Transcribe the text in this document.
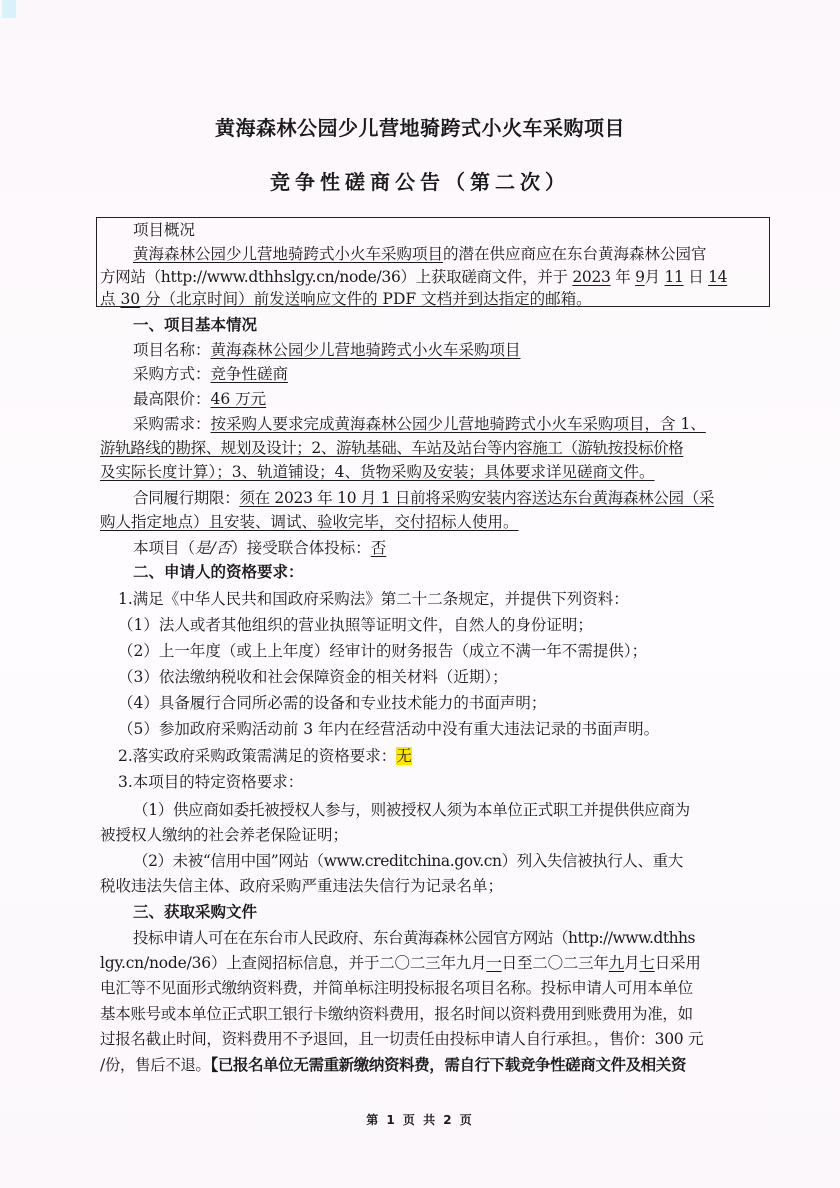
黄海森林公园少儿营地骑跨式小火车采购项目
竞争性磋商公告（第二次）
项目概况
黄海森林公园少儿营地骑跨式小火车采购项目的潜在供应商应在东台黄海森林公园官
方网站（http://www.dthhslgy.cn/node/36）上获取磋商文件，并于 2023 年 9月 11 日 14
点 30 分（北京时间）前发送响应文件的 PDF 文档并到达指定的邮箱。
一、项目基本情况
项目名称：黄海森林公园少儿营地骑跨式小火车采购项目
采购方式：竞争性磋商
最高限价：46 万元
采购需求：按采购人要求完成黄海森林公园少儿营地骑跨式小火车采购项目，含 1、
游轨路线的勘探、规划及设计；2、游轨基础、车站及站台等内容施工（游轨按投标价格
及实际长度计算）；3、轨道铺设；4、货物采购及安装；具体要求详见磋商文件。
合同履行期限：须在 2023 年 10 月 1 日前将采购安装内容送达东台黄海森林公园（采
购人指定地点）且安装、调试、验收完毕，交付招标人使用。
本项目（是/否）接受联合体投标：否
二、申请人的资格要求：
1.满足《中华人民共和国政府采购法》第二十二条规定，并提供下列资料：
（1）法人或者其他组织的营业执照等证明文件，自然人的身份证明；
（2）上一年度（或上上年度）经审计的财务报告（成立不满一年不需提供）；
（3）依法缴纳税收和社会保障资金的相关材料（近期）；
（4）具备履行合同所必需的设备和专业技术能力的书面声明；
（5）参加政府采购活动前 3 年内在经营活动中没有重大违法记录的书面声明。
2.落实政府采购政策需满足的资格要求：无
3.本项目的特定资格要求：
（1）供应商如委托被授权人参与，则被授权人须为本单位正式职工并提供供应商为
被授权人缴纳的社会养老保险证明；
（2）未被“信用中国”网站（www.creditchina.gov.cn）列入失信被执行人、重大
税收违法失信主体、政府采购严重违法失信行为记录名单；
三、获取采购文件
投标申请人可在在东台市人民政府、东台黄海森林公园官方网站（http://www.dthhs
lgy.cn/node/36）上查阅招标信息，并于二〇二三年九月一日至二〇二三年九月七日采用
电汇等不见面形式缴纳资料费，并简单标注明投标报名项目名称。投标申请人可用本单位
基本账号或本单位正式职工银行卡缴纳资料费用，报名时间以资料费用到账费用为准，如
过报名截止时间，资料费用不予退回，且一切责任由投标申请人自行承担。，售价：300 元
/份，售后不退。【已报名单位无需重新缴纳资料费，需自行下载竞争性磋商文件及相关资
第 1 页 共 2 页
